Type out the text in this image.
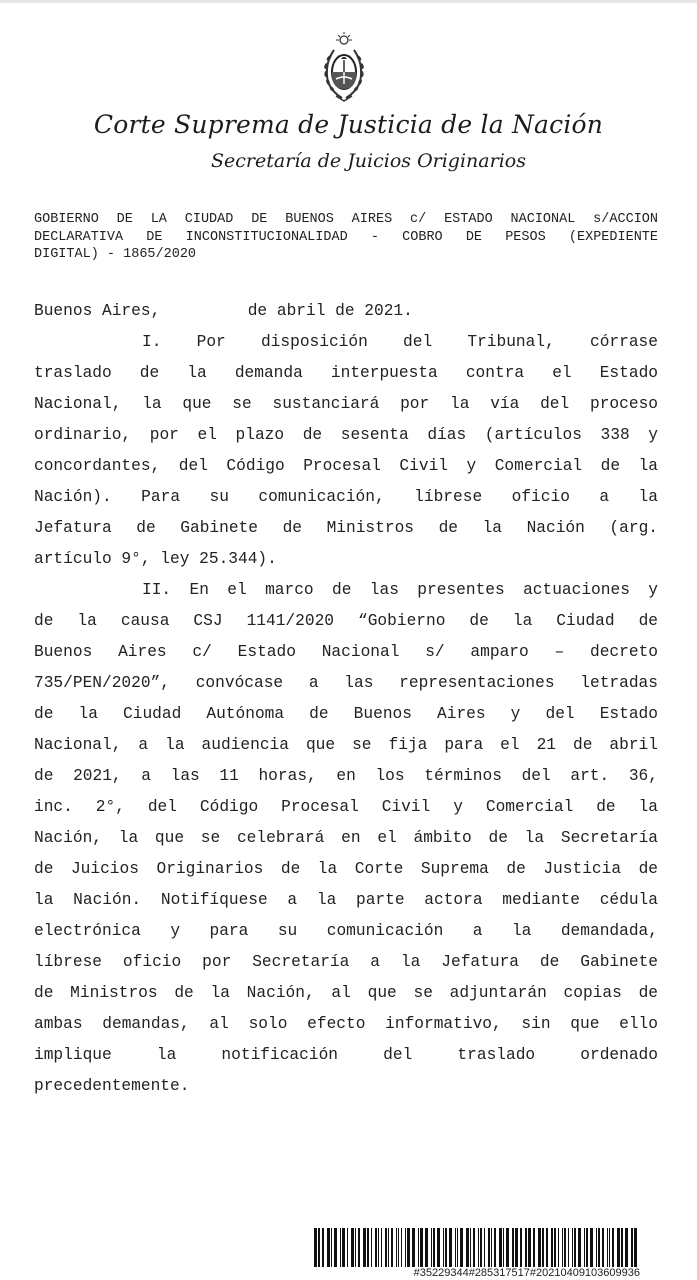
Corte Suprema de Justicia de la Nación
Secretaría de Juicios Originarios
GOBIERNO DE LA CIUDAD DE BUENOS AIRES c/ ESTADO NACIONAL s/ACCION
DECLARATIVA DE INCONSTITUCIONALIDAD - COBRO DE PESOS (EXPEDIENTE
DIGITAL) - 1865/2020
Buenos Aires,         de abril de 2021.
I. Por disposición del Tribunal, córrase
traslado de la demanda interpuesta contra el Estado
Nacional, la que se sustanciará por la vía del proceso
ordinario, por el plazo de sesenta días (artículos 338 y
concordantes, del Código Procesal Civil y Comercial de la
Nación). Para su comunicación, líbrese oficio a la
Jefatura de Gabinete de Ministros de la Nación (arg.
artículo 9°, ley 25.344).
II. En el marco de las presentes actuaciones y
de la causa CSJ 1141/2020 “Gobierno de la Ciudad de
Buenos Aires c/ Estado Nacional s/ amparo – decreto
735/PEN/2020”, convócase a las representaciones letradas
de la Ciudad Autónoma de Buenos Aires y del Estado
Nacional, a la audiencia que se fija para el 21 de abril
de 2021, a las 11 horas, en los términos del art. 36,
inc. 2°, del Código Procesal Civil y Comercial de la
Nación, la que se celebrará en el ámbito de la Secretaría
de Juicios Originarios de la Corte Suprema de Justicia de
la Nación. Notifíquese a la parte actora mediante cédula
electrónica y para su comunicación a la demandada,
líbrese oficio por Secretaría a la Jefatura de Gabinete
de Ministros de la Nación, al que se adjuntarán copias de
ambas demandas, al solo efecto informativo, sin que ello
implique la notificación del traslado ordenado
precedentemente.
#35229344#285317517#20210409103609936
